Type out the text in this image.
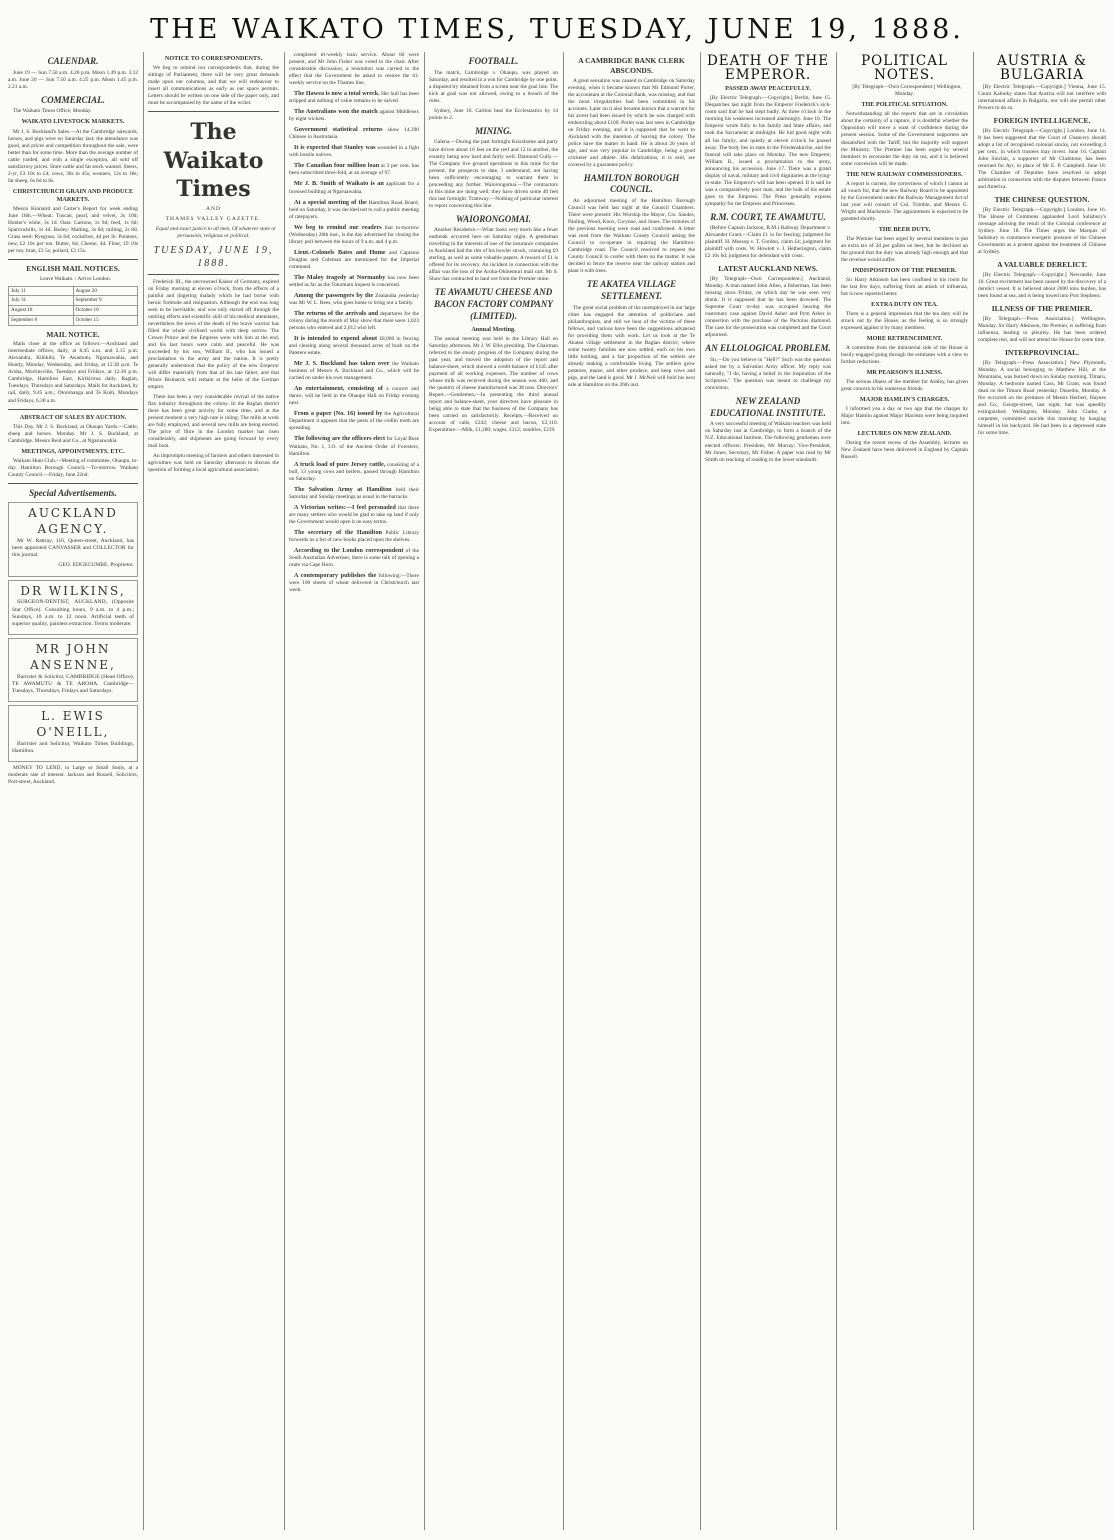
THE WAIKATO TIMES, TUESDAY, JUNE 19, 1888.
CALENDAR.

June 19 — Sun 7.50 a.m. 4.26 p.m. Moon 1.49 p.m. 3.12 a.m. June 20 — Sun 7.50 a.m. 4.25 p.m. Moon 1.45 p.m. 2.21 a.m.

COMMERCIAL.

The Waikato Times Office, Monday.

WAIKATO LIVESTOCK MARKETS.

Mr J. S. Buckland's Sales.—At the Cambridge saleyards, horses, and pigs were on Saturday last; the attendance was good, and prices and competition throughout the sale, were better than for some time. More than the average number of cattle yarded, and with a single exception, all sold off satisfactory prices. Store cattle and fat stock wanted. Steers, 2-yr, £3 10s to £4; cows, 30s to 45s; weaners, 12s to 18s; fat sheep, 6s 6d to 8s.

CHRISTCHURCH GRAIN AND PRODUCE MARKETS.

Messrs Kinnaird and Carter's Report for week ending June 16th.—Wheat: Tuscan, pearl, and velvet, 2s 10d; Hunter's white, 3s 1d. Oats: Gartons, 1s 9d; feed, 1s 6d; Sparrowbills, 1s 4d. Barley: Malting, 3s 6d; milling, 2s 8d. Grass seed: Ryegrass, 3s 6d; cocksfoot, 4d per lb. Potatoes, new, £2 10s per ton. Butter, 6d; Cheese, 4d. Flour, £9 10s per ton; bran, £3 5s; pollard, £3 15s.

ENGLISH MAIL NOTICES.

Leave Waikato. / Arrive London.

July 11	August 20
July 31	September 9
August 18	October 10
September 8	October 15
MAIL NOTICE.

Mails close at the office as follows:—Auckland and intermediate offices, daily, at 8.45 a.m. and 2.15 p.m. Alexandra, Kihikihi, Te Awamutu, Ngaruawahia, and Huntly, Monday, Wednesday, and Friday, at 12.30 p.m. Te Aroha, Morrinsville, Tuesdays and Fridays, at 12.30 p.m. Cambridge, Hamilton East, Kirikiriroa daily. Raglan, Tuesdays, Thursdays and Saturdays. Mails for Auckland, by rail, daily, 9.45 a.m.; Otorohanga and Te Kuiti, Mondays and Fridays, 6.30 a.m.

ABSTRACT OF SALES BY AUCTION.

This Day. Mr J. S. Buckland, at Ohaupo Yards.—Cattle, sheep and horses. Monday. Mr J. S. Buckland, at Cambridge. Messrs Reid and Co., at Ngaruawahia.

MEETINGS, APPOINTMENTS, ETC.

Waikato Hunt Club.—Meeting of committee, Ohaupo, to-day. Hamilton Borough Council.—To-morrow. Waikato County Council.—Friday, June 22nd.

Special Advertisements.
AUCKLAND AGENCY.

Mr W. Rattray, 116, Queen-street, Auckland, has been appointed CANVASSER and COLLECTOR for this journal.

GEO. EDGECUMBE, Proprietor.

DR WILKINS,

SURGEON-DENTIST, AUCKLAND, (Opposite Star Office). Consulting hours, 9 a.m. to 4 p.m.; Sundays, 10 a.m. to 12 noon. Artificial teeth of superior quality, painless extraction. Terms moderate.

MR JOHN ANSENNE,

Barrister & Solicitor, CAMBRIDGE (Head Office), TE AWAMUTU & TE AROHA. Cambridge—Tuesdays, Thursdays, Fridays and Saturdays.

L. EWIS O'NEILL,

Barrister and Solicitor, Waikato Times Buildings, Hamilton.

MONEY TO LEND, in Large or Small Sums, at a moderate rate of interest. Jackson and Russell, Solicitors, Port-street, Auckland.

NOTICE TO CORRESPONDENTS.

We beg to remind our correspondents that, during the sittings of Parliament, there will be very great demands made upon our columns, and that we will endeavour to insert all communications as early as our space permits. Letters should be written on one side of the paper only, and must be accompanied by the name of the writer.

The Waikato Times
AND
THAMES VALLEY GAZETTE.

Equal and exact justice to all men, Of whatever state or persuasion, religious or political.

TUESDAY, JUNE 19, 1888.

Frederick III., the uncrowned Kaiser of Germany, expired on Friday morning at eleven o'clock, from the effects of a painful and lingering malady which he had borne with heroic fortitude and resignation. Although the end was long seen to be inevitable, and was only staved off through the untiring efforts and scientific skill of his medical attendants, nevertheless the news of the death of the brave warrior has filled the whole civilised world with deep sorrow. The Crown Prince and the Empress were with him at the end, and his last hours were calm and peaceful. He was succeeded by his son, William II., who has issued a proclamation to the army and the nation. It is pretty generally understood that the policy of the new Emperor will differ materially from that of his late father, and that Prince Bismarck will remain at the helm of the German empire.

There has been a very considerable revival of the native flax industry throughout the colony. In the Raglan district there has been great activity for some time, and at the present moment a very high rate is ruling. The mills at work are fully employed, and several new mills are being erected. The price of fibre in the London market has risen considerably, and shipments are going forward by every mail boat.

An impromptu meeting of farmers and others interested in agriculture was held on Saturday afternoon to discuss the question of forming a local agricultural association.

completed tri-weekly train service. About 60 were present, and Mr John Fisher was voted to the chair. After considerable discussion, a resolution was carried to the effect that the Government be asked to restore the tri-weekly service on the Thames line.

The Hawea is now a total wreck. Her hull has been stripped and nothing of value remains to be salved.

The Australians won the match against Middlesex by eight wickets.

Government statistical returns show 14,390 Chinese in Australasia.

It is expected that Stanley was wounded in a fight with hostile natives.

The Canadian four million loan at 3 per cent. has been subscribed three-fold, at an average of 97.

Mr J. B. Smith of Waikato is an applicant for a licensed building at Ngaruawahia.

At a special meeting of the Hamilton Road Board, held on Saturday, it was decided not to call a public meeting of ratepayers.

We beg to remind our readers that to-morrow (Wednesday) 20th inst., is the day advertised for closing the library poll between the hours of 9 a.m. and 4 p.m.

Lieut.-Colonels Bates and Hume and Captains Douglas and Coleman are mentioned for the Imperial command.

The Maloy tragedy at Normanby has now been settled as far as the Tokomaru inquest is concerned.

Among the passengers by the Zealandia yesterday was Mr W. L. Rees, who goes home to bring out a family.

The returns of the arrivals and departures for the colony during the month of May show that there were 1,023 persons who entered and 2,012 who left.

It is intended to expend about £8,000 in fencing and clearing along several thousand acres of bush on the Patetere estate.

Mr J. S. Buckland has taken over the Waikato business of Messrs A. Buckland and Co., which will be carried on under his own management.

An entertainment, consisting of a concert and dance, will be held in the Ohaupo Hall on Friday evening next.

From a paper (No. 16) issued by the Agricultural Department it appears that the pests of the codlin moth are spreading.

The following are the officers elect for Loyal Rose Waikato, No. 1, I.O. of the Ancient Order of Foresters, Hamilton.

A truck load of pure Jersey cattle, consisting of a bull, 13 young cows and heifers, passed through Hamilton on Saturday.

The Salvation Army at Hamilton held their Saturday and Sunday meetings as usual in the barracks.

A Victorian writes:—I feel persuaded that there are many settlers who would be glad to take up land if only the Government would open it on easy terms.

The secretary of the Hamilton Public Library forwards us a list of new books placed upon the shelves.

According to the London correspondent of the South Australian Advertiser, there is some talk of opening a route via Cape Horn.

A contemporary publishes the following:—There were 100 sheets of wheat delivered in Christchurch last week.

FOOTBALL.

The match, Cambridge v. Ohaupo, was played on Saturday, and resulted in a win for Cambridge by one point, a disputed try obtained from a scrum near the goal line. The kick at goal was not allowed, owing to a breach of the rules.

Sydney, June 16. Carlton beat the Ecclesiastics by 14 points to 2.

MINING.

Galena.—During the past fortnight Knoxhome and party have driven about 16 feet on the reef and 12 in another, the country being now hard and fairly well. Diamond Gully.—The Company live ground operations in this mine for the present, the prospects to date, I understand, not having been sufficiently encouraging to warrant them in proceeding any further. Waiorongomai.—The contractors in this mine are doing well; they have driven some 40 feet this last fortnight. Tramway.—Nothing of particular interest to report concerning this line.

WAIORONGOMAI.

Another Residence.—What looks very much like a fever outbreak occurred here on Saturday night. A gentleman travelling in the interests of one of the insurance companies in Auckland had the rim of his bowler struck, containing £9 sterling, as well as some valuable papers. A reward of £1 is offered for its recovery. An incident in connection with the affair was the loss of the Aroha-Ohinemuri mail cart. Mr S. Shaw has contracted to haul ore from the Premier mine.

TE AWAMUTU CHEESE AND BACON FACTORY COMPANY (LIMITED).
Annual Meeting.

The annual meeting was held in the Library Hall on Saturday afternoon, Mr J. W. Ellis presiding. The Chairman referred to the steady progress of the Company during the past year, and moved the adoption of the report and balance-sheet, which showed a credit balance of £145 after payment of all working expenses. The number of cows whose milk was received during the season was 460, and the quantity of cheese manufactured was 38 tons. Directors' Report.—Gentlemen,—In presenting the third annual report and balance-sheet, your directors have pleasure in being able to state that the business of the Company has been carried on satisfactorily. Receipts.—Received on account of calls, £242; cheese and bacon, £2,110. Expenditure.—Milk, £1,280; wages, £312; sundries, £219.

A CAMBRIDGE BANK CLERK ABSCONDS.

A great sensation was caused in Cambridge on Saturday evening, when it became known that Mr Edmund Porter, the accountant at the Colonial Bank, was missing, and that the most irregularities had been committed in his accounts. Later on it also became known that a warrant for his arrest had been issued by which he was charged with embezzling about £100. Porter was last seen in Cambridge on Friday evening, and it is supposed that he went to Auckland with the intention of leaving the colony. The police have the matter in hand. He is about 26 years of age, and was very popular in Cambridge, being a good cricketer and athlete. His defalcations, it is said, are covered by a guarantee policy.

HAMILTON BOROUGH COUNCIL.

An adjourned meeting of the Hamilton Borough Council was held last night at the Council Chambers. There were present: His Worship the Mayor, Crs. Sandes, Pauling, Wood, Knox, Gwynne, and Jones. The minutes of the previous meeting were read and confirmed. A letter was read from the Waikato County Council asking the Council to co-operate in repairing the Hamilton-Cambridge road. The Council resolved to request the County Council to confer with them on the matter. It was decided to fence the reserve near the railway station and plant it with trees.

TE AKATEA VILLAGE SETTLEMENT.

The great social problem of the unemployed in our large cities has engaged the attention of politicians and philanthropists, and still we hear of the victims of these fellows, and various have been the suggestions advanced for providing them with work. Let us look at the Te Akatea village settlement in the Raglan district, where some twenty families are now settled, each on his own little holding, and a fair proportion of the settlers are already making a comfortable living. The settlers grow potatoes, maize, and other produce, and keep cows and pigs, and the land is good. Mr J. McNeil will hold his next sale at Hamilton on the 26th inst.

DEATH OF THE EMPEROR.
PASSED AWAY PEACEFULLY.

[By Electric Telegraph.—Copyright.] Berlin, June 15. Despatches last night from the Emperor Frederick's sick-room said that he had slept badly. At three o'clock in the morning his weakness increased alarmingly. June 16. The Emperor wrote fully to his family and State affairs, and took the Sacrament at midnight. He bid good night with all his family, and quietly at eleven o'clock he passed away. The body lies in state in the Friedenskirche, and the funeral will take place on Monday. The new Emperor, William II., issued a proclamation to the army, announcing his accession. June 17. There was a grand display of naval, military and civil dignitaries at the lying-in-state. The Emperor's will has been opened. It is said he was a comparatively poor man, and the bulk of his estate goes to the Empress. The Press generally express sympathy for the Empress and Princesses.

R.M. COURT, TE AWAMUTU.

(Before Captain Jackson, R.M.) Railway Department v. Alexander Grant.—Claim £1 1s for fencing; judgment for plaintiff. H. Mossop v. T. Gordon, claim £4; judgment for plaintiff with costs. W. Howlett v. J. Hetherington, claim £2 10s 6d; judgment for defendant with costs.

LATEST AUCKLAND NEWS.

[By Telegraph—Own Correspondent.] Auckland, Monday. A man named John Allen, a fisherman, has been missing since Friday, on which day he was seen very drunk. It is supposed that he has been drowned. The Supreme Court to-day was occupied hearing the customary case against David Asher and Pym Asher in connection with the purchase of the Pactolus diamond. The case for the prosecution was completed and the Court adjourned.

AN ELLOLOGICAL PROBLEM.

Sir,—Do you believe in "Hell?" Such was the question asked me by a Salvation Army officer. My reply was naturally, "I do, having a belief in the inspiration of the Scriptures." The question was meant to challenge my conviction.

NEW ZEALAND EDUCATIONAL INSTITUTE.

A very successful meeting of Waikato teachers was held on Saturday last at Cambridge, to form a branch of the N.Z. Educational Institute. The following gentlemen were elected officers: President, Mr Murray; Vice-President, Mr Jones; Secretary, Mr Fisher. A paper was read by Mr Smith on teaching of reading in the lower standards.

POLITICAL NOTES.

[By Telegraph—Own Correspondent.] Wellington, Monday.

THE POLITICAL SITUATION.

Notwithstanding all the reports that are in circulation about the certainty of a rupture, it is doubtful whether the Opposition will move a want of confidence during the present session. Some of the Government supporters are dissatisfied with the Tariff, but the majority will support the Ministry. The Premier has been urged by several members to reconsider the duty on tea, and it is believed some concession will be made.

THE NEW RAILWAY COMMISSIONERS.

A report is current, the correctness of which I cannot at all vouch for, that the new Railway Board to be appointed by the Government under the Railway Management Act of last year will consist of Col. Trimble, and Messrs G. Wright and Mackenzie. The appointment is expected to be gazetted shortly.

THE BEER DUTY.

The Premier has been urged by several members to put an extra tax of 3d per gallon on beer, but he declined on the ground that the duty was already high enough and that the revenue would suffer.

INDISPOSITION OF THE PREMIER.

Sir Harry Atkinson has been confined to his room for the last few days, suffering from an attack of influenza, but is now reported better.

EXTRA DUTY ON TEA.

There is a general impression that the tea duty will be struck out by the House, as the feeling is so strongly expressed against it by many members.

MORE RETRENCHMENT.

A committee from the ministerial side of the House is busily engaged going through the estimates with a view to further reductions.

MR PEARSON'S ILLNESS.

The serious illness of the member for Ashley, has given great concern to his numerous friends.

MAJOR HAMLIN'S CHARGES.

I informed you a day or two ago that the charges by Major Hamlin against Major Maclean were being inquired into.

LECTURES ON NEW ZEALAND.

During the recent recess of the Assembly, lectures on New Zealand have been delivered in England by Captain Russell.

AUSTRIA & BULGARIA

[By Electric Telegraph.—Copyright.] Vienna, June 15. Count Kalnoky states that Austria will not interfere with international affairs in Bulgaria, nor will she permit other Powers to do so.

FOREIGN INTELLIGENCE.

[By Electric Telegraph.—Copyright.] London, June 14. It has been suggested that the Court of Chancery should adopt a list of recognised colonial stocks, not exceeding 4 per cent., in which trustees may invest. June 16. Captain John Sinclair, a supporter of Mr Gladstone, has been returned for Ayr, in place of Mr E. P. Campbell. June 18. The Chamber of Deputies have resolved to adopt arbitration in connection with the disputes between France and America.

THE CHINESE QUESTION.

[By Electric Telegraph.—Copyright.] London, June 16. The House of Commons applauded Lord Salisbury's message advising the result of the Colonial conference at Sydney. June 18. The Times urges the Marquis of Salisbury to commence energetic pressure of the Chinese Government as a protest against the treatment of Chinese at Sydney.

A VALUABLE DERELICT.

[By Electric Telegraph.—Copyright.] Newcastle, June 18. Great excitement has been caused by the discovery of a derelict vessel. It is believed about 2000 tons burden, has been found at sea, and is being towed into Port Stephens.

ILLNESS OF THE PREMIER.

[By Telegraph.—Press Association.] Wellington, Monday. Sir Harry Atkinson, the Premier, is suffering from influenza, leading to pleurisy. He has been ordered complete rest, and will not attend the House for some time.

INTERPROVINCIAL.

[By Telegraph.—Press Association.] New Plymouth, Monday. A social belonging to Matthew Hill, at the Mountains, was burned down on Sunday morning. Timaru, Monday. A bedroom named Cass, Mr Grant, was found dead on the Timaru Road yesterday. Dunedin, Monday. A fire occurred on the premises of Messrs Herbert, Haynes and Co., George-street, last night, but was speedily extinguished. Wellington, Monday. John Clarke, a carpenter, committed suicide this morning by hanging himself in his backyard. He had been in a depressed state for some time.
